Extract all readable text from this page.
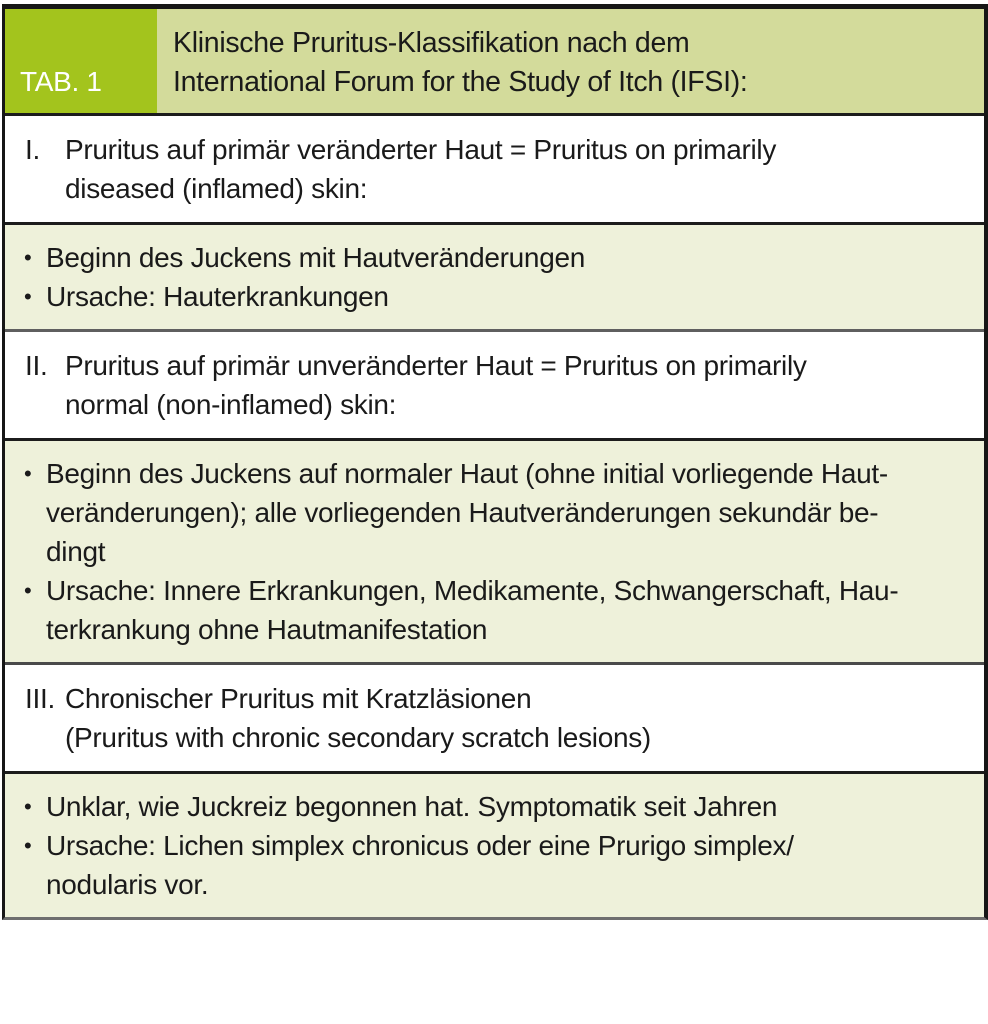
TAB. 1
Klinische Pruritus-Klassifikation nach dem
International Forum for the Study of Itch (IFSI):
I. Pruritus auf primär veränderter Haut = Pruritus on primarily
diseased (inflamed) skin:
• Beginn des Juckens mit Hautveränderungen
• Ursache: Hauterkrankungen
II. Pruritus auf primär unveränderter Haut = Pruritus on primarily
normal (non-inflamed) skin:
• Beginn des Juckens auf normaler Haut (ohne initial vorliegende Haut-
veränderungen); alle vorliegenden Hautveränderungen sekundär be-
dingt
• Ursache: Innere Erkrankungen, Medikamente, Schwangerschaft, Hau-
terkrankung ohne Hautmanifestation
III. Chronischer Pruritus mit Kratzläsionen
(Pruritus with chronic secondary scratch lesions)
• Unklar, wie Juckreiz begonnen hat. Symptomatik seit Jahren
• Ursache: Lichen simplex chronicus oder eine Prurigo simplex/
nodularis vor.
